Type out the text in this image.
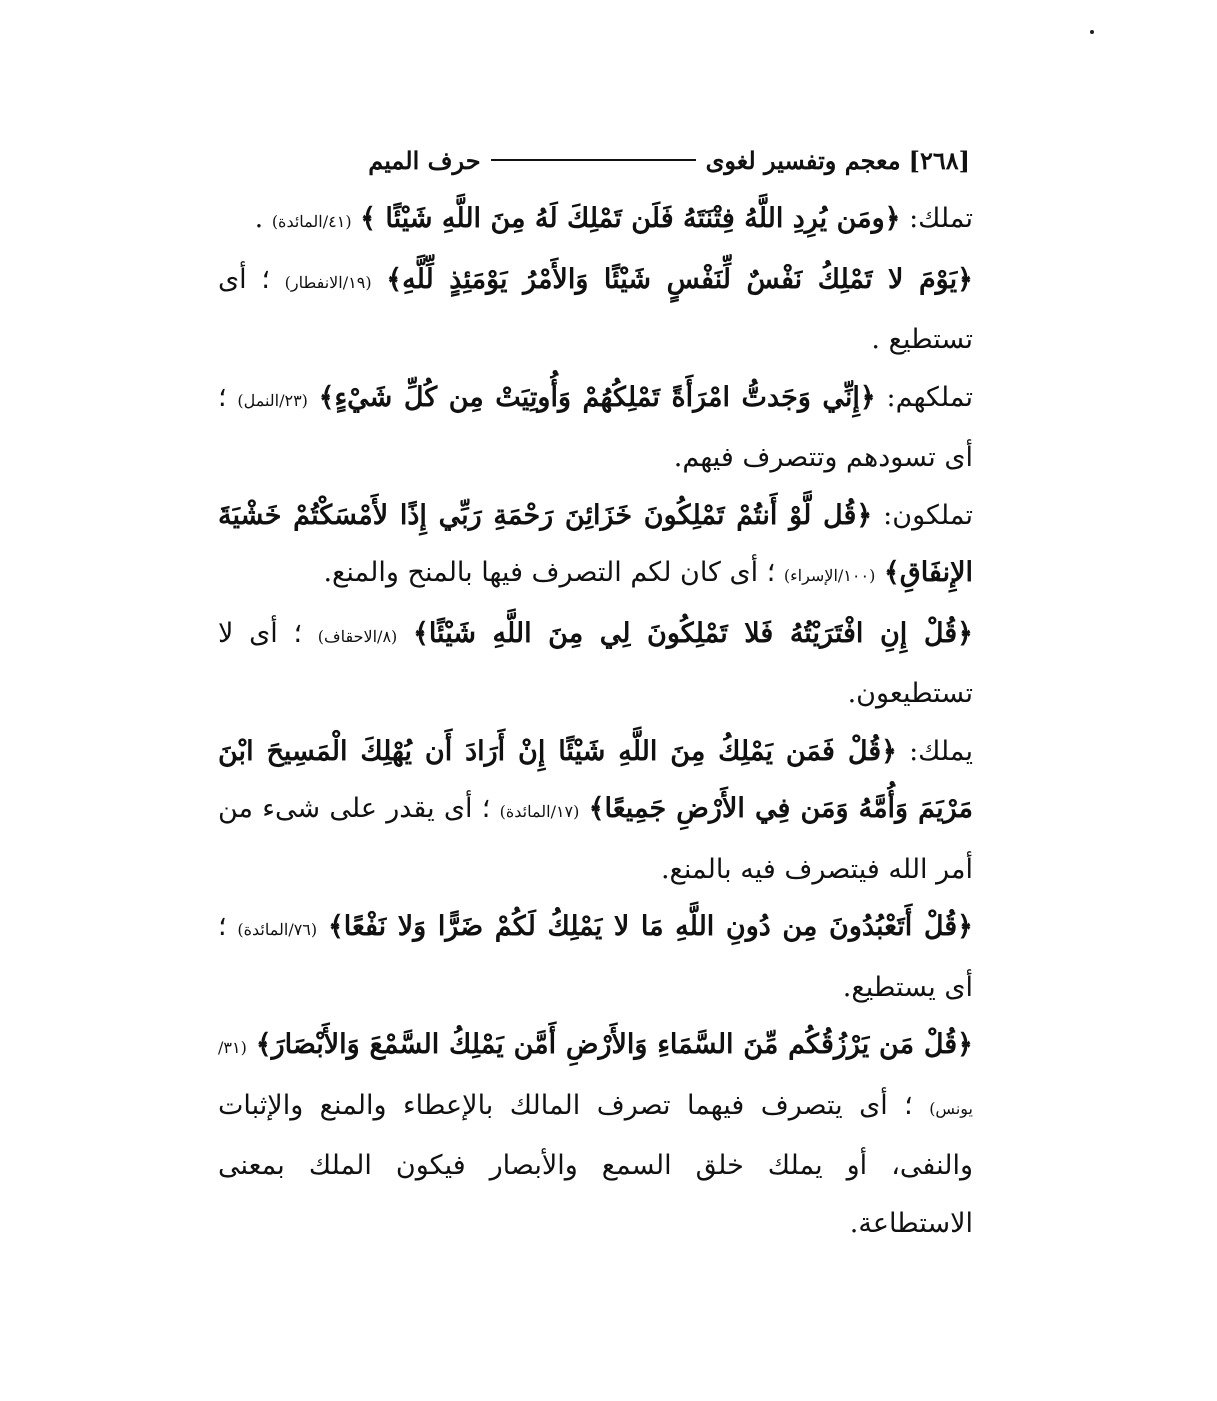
[٢٦٨]
معجم وتفسير لغوى
حرف الميم

تملك: ﴿ومَن يُرِدِ اللَّهُ فِتْنَتَهُ فَلَن تَمْلِكَ لَهُ مِنَ اللَّهِ شَيْئًا ﴾ (٤١/المائدة) .

﴿يَوْمَ لا تَمْلِكُ نَفْسٌ لِّنَفْسٍ شَيْئًا وَالأَمْرُ يَوْمَئِذٍ لِّلَّهِ﴾ (١٩/الانفطار) ؛ أى تستطيع .

تملكهم: ﴿إِنِّي وَجَدتُّ امْرَأَةً تَمْلِكُهُمْ وَأُوتِيَتْ مِن كُلِّ شَيْءٍ﴾ (٢٣/النمل) ؛ أى تسودهم وتتصرف فيهم.

تملكون: ﴿قُل لَّوْ أَنتُمْ تَمْلِكُونَ خَزَائِنَ رَحْمَةِ رَبِّي إِذًا لأَمْسَكْتُمْ خَشْيَةَ الإِنفَاقِ﴾ (١٠٠/الإسراء) ؛ أى كان لكم التصرف فيها بالمنح والمنع.

﴿قُلْ إِنِ افْتَرَيْتُهُ فَلا تَمْلِكُونَ لِي مِنَ اللَّهِ شَيْئًا﴾ (٨/الاحقاف) ؛ أى لا تستطيعون.

يملك: ﴿قُلْ فَمَن يَمْلِكُ مِنَ اللَّهِ شَيْئًا إِنْ أَرَادَ أَن يُهْلِكَ الْمَسِيحَ ابْنَ مَرْيَمَ وَأُمَّهُ وَمَن فِي الأَرْضِ جَمِيعًا﴾ (١٧/المائدة) ؛ أى يقدر على شىء من أمر الله فيتصرف فيه بالمنع.

﴿قُلْ أَتَعْبُدُونَ مِن دُونِ اللَّهِ مَا لا يَمْلِكُ لَكُمْ ضَرًّا وَلا نَفْعًا﴾ (٧٦/المائدة) ؛ أى يستطيع.

﴿قُلْ مَن يَرْزُقُكُم مِّنَ السَّمَاءِ وَالأَرْضِ أَمَّن يَمْلِكُ السَّمْعَ وَالأَبْصَارَ﴾ (٣١/يونس) ؛ أى يتصرف فيهما تصرف المالك بالإعطاء والمنع والإثبات والنفى، أو يملك خلق السمع والأبصار فيكون الملك بمعنى الاستطاعة.
